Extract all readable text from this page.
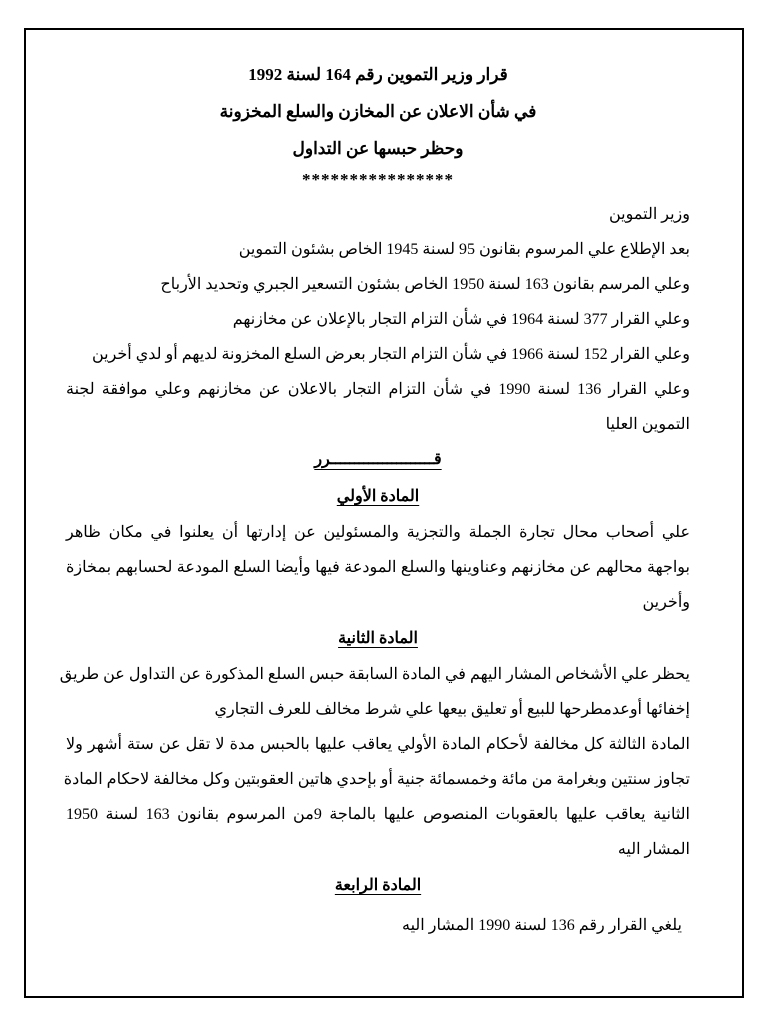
قرار وزير التموين رقم 164 لسنة 1992
في شأن الاعلان عن المخازن والسلع المخزونة
وحظر حبسها عن التداول
****************
وزير التموين
بعد الإطلاع علي المرسوم بقانون 95 لسنة 1945 الخاص بشئون التموين
وعلي المرسم بقانون 163 لسنة 1950 الخاص بشئون التسعير الجبري وتحديد الأرباح
وعلي القرار 377 لسنة 1964 في شأن التزام التجار بالإعلان عن مخازنهم
وعلي القرار 152 لسنة 1966 في شأن التزام التجار بعرض السلع المخزونة لديهم أو لدي أخرين
وعلي القرار 136 لسنة 1990 في شأن التزام التجار بالاعلان عن مخازنهم وعلي موافقة لجنة
التموين العليا
قــــــــــــــــــــــرر
المادة الأولي
علي أصحاب محال تجارة الجملة والتجزية والمسئولين عن إدارتها أن يعلنوا في مكان ظاهر
بواجهة محالهم عن مخازنهم وعناوينها والسلع المودعة فيها وأيضا السلع المودعة لحسابهم بمخازة
وأخرين
المادة الثانية
يحظر علي الأشخاص المشار اليهم في المادة السابقة حبس السلع المذكورة عن التداول عن طريق
إخفائها أوعدمطرحها للبيع أو تعليق بيعها علي شرط مخالف للعرف التجاري
المادة الثالثة كل مخالفة لأحكام المادة الأولي يعاقب عليها بالحبس مدة لا تقل عن ستة أشهر ولا
تجاوز سنتين وبغرامة من مائة وخمسمائة جنية أو بإحدي هاتين العقوبتين وكل مخالفة لاحكام المادة
الثانية يعاقب عليها بالعقوبات المنصوص عليها بالماجة 9من المرسوم بقانون 163 لسنة 1950
المشار اليه
المادة الرابعة
يلغي القرار رقم 136 لسنة 1990 المشار اليه
